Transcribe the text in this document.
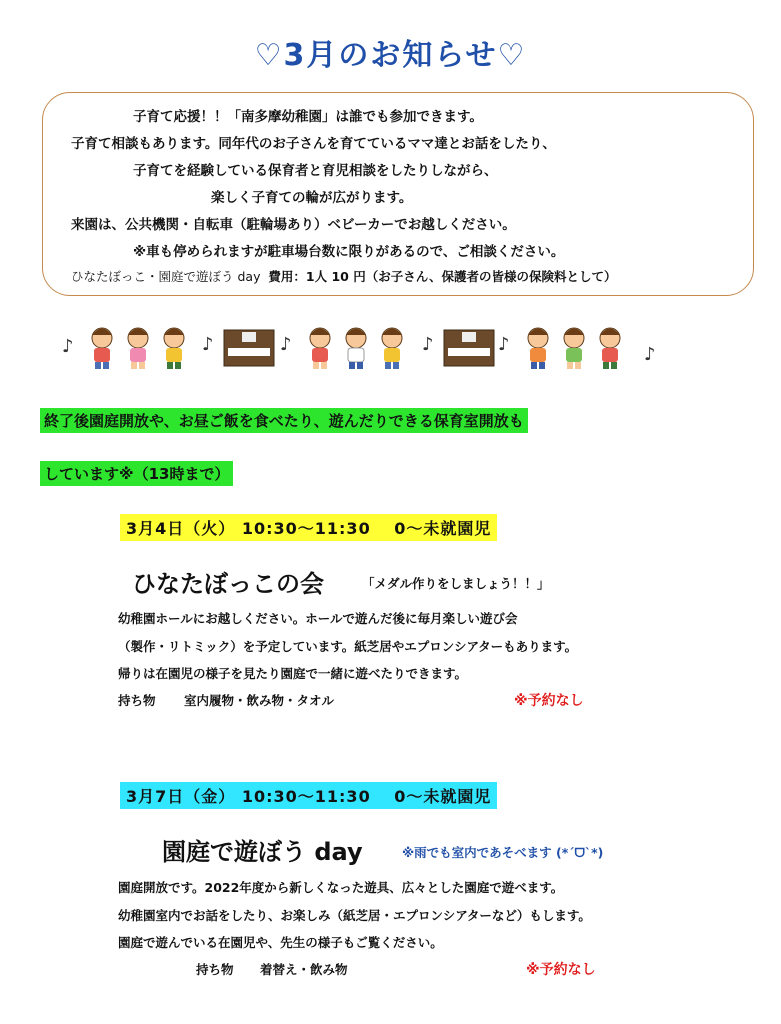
♡3月のお知らせ♡
子育て応援！！「南多摩幼稚園」は誰でも参加できます。
子育て相談もあります。同年代のお子さんを育てているママ達とお話をしたり、
子育てを経験している保育者と育児相談をしたりしながら、
楽しく子育ての輪が広がります。
来園は、公共機関・自転車（駐輪場あり）ベビーカーでお越しください。
※車も停められますが駐車場台数に限りがあるので、ご相談ください。
ひなたぼっこ・園庭で遊ぼう day 費用：1人 10 円（お子さん、保護者の皆様の保険料として）
♪	♪	♪	♪	♪	♪
終了後園庭開放や、お昼ご飯を食べたり、遊んだりできる保育室開放も
しています※（13時まで）
3月4日（火） 10:30〜11:30　 0〜未就園児
ひなたぼっこの会	「メダル作りをしましょう！！」
幼稚園ホールにお越しください。ホールで遊んだ後に毎月楽しい遊び会
（製作・リトミック）を予定しています。紙芝居やエプロンシアターもあります。
帰りは在園児の様子を見たり園庭で一緒に遊べたりできます。
持ち物 室内履物・飲み物・タオル	※予約なし
3月7日（金） 10:30〜11:30　 0〜未就園児
園庭で遊ぼう day	※雨でも室内であそべます (*ˊᗜˋ*)
園庭開放です。2022年度から新しくなった遊具、広々とした園庭で遊べます。
幼稚園室内でお話をしたり、お楽しみ（紙芝居・エプロンシアターなど）もします。
園庭で遊んでいる在園児や、先生の様子もご覧ください。
持ち物 着替え・飲み物	※予約なし
